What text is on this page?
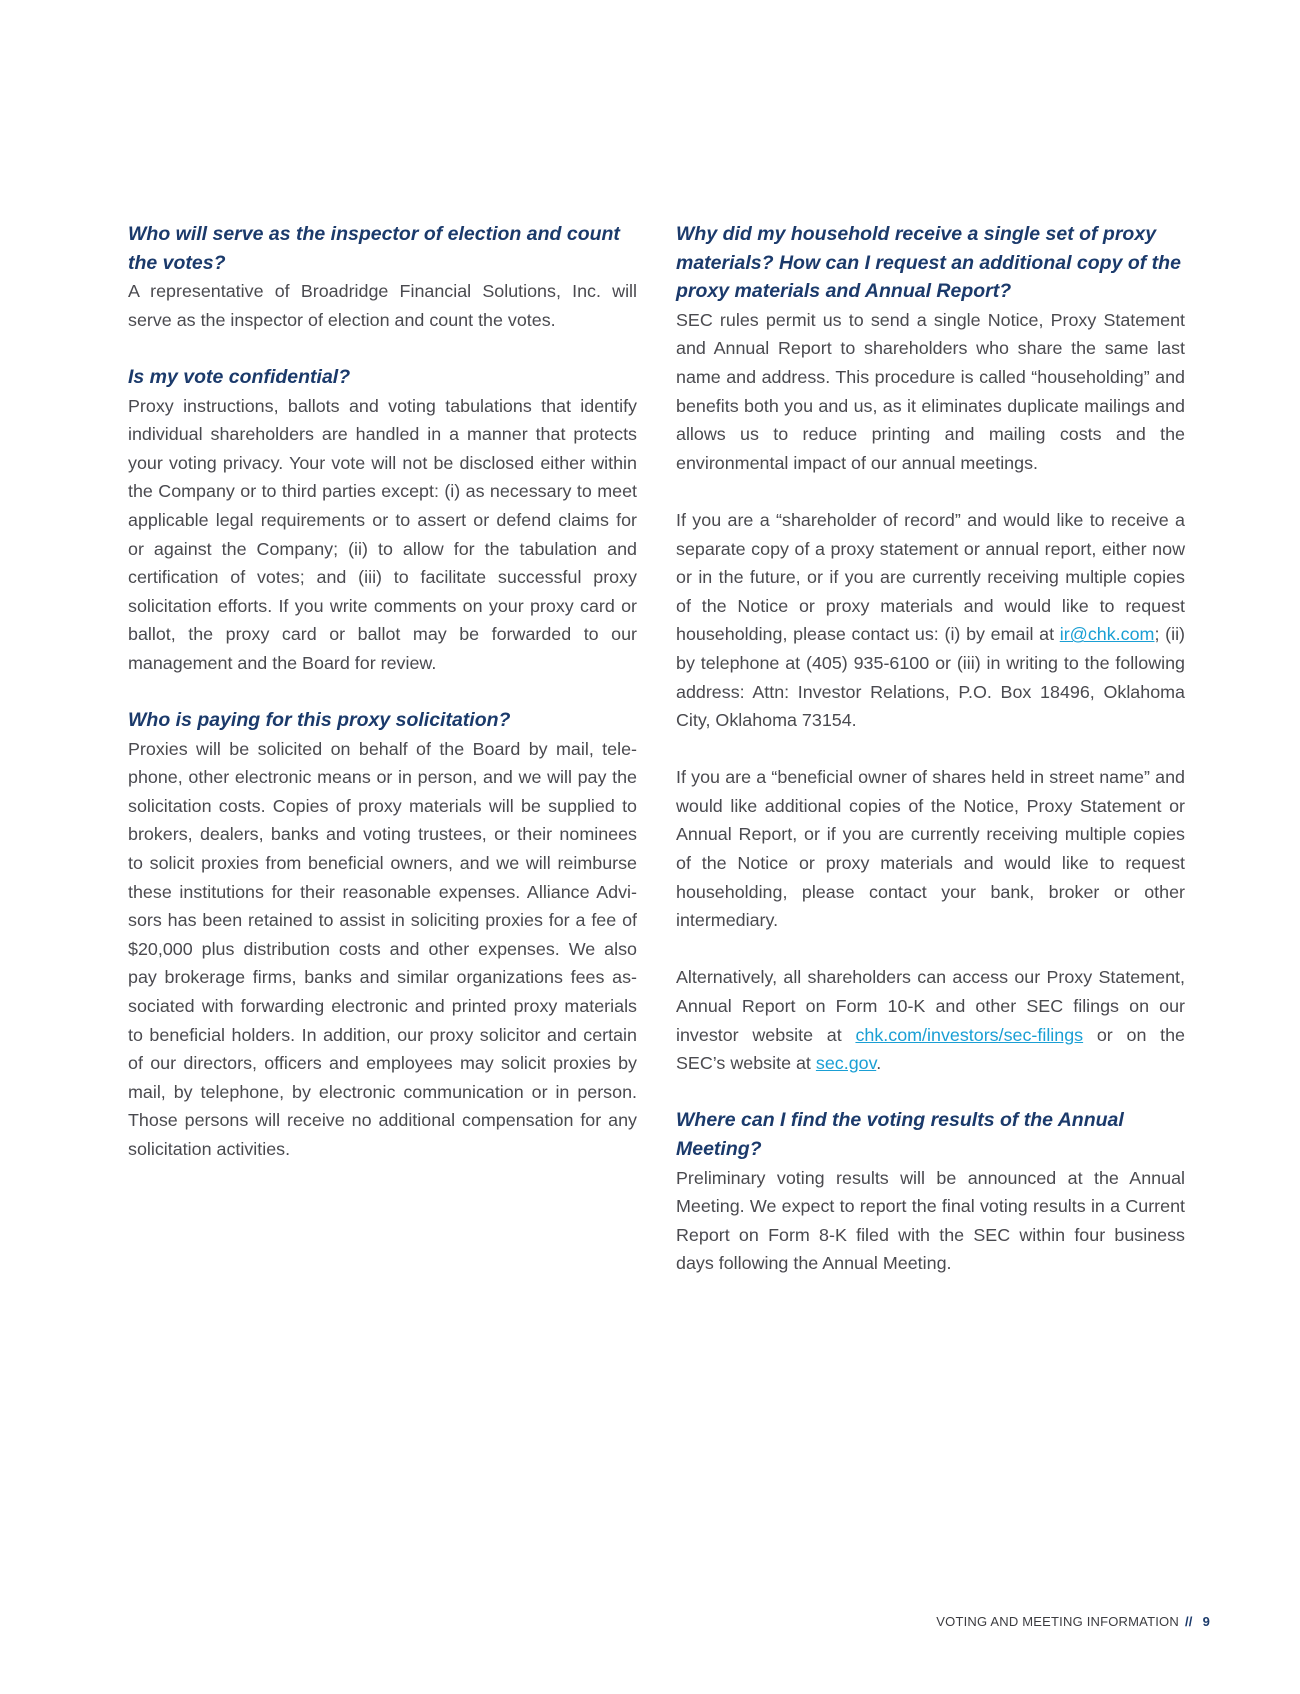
Who will serve as the inspector of election and count the votes?

A representative of Broadridge Financial Solutions, Inc. will serve as the inspector of election and count the votes.

Is my vote confidential?

Proxy instructions, ballots and voting tabulations that identify individual shareholders are handled in a manner that protects your voting privacy. Your vote will not be disclosed either within the Company or to third parties except: (i) as necessary to meet applicable legal requirements or to assert or defend claims for or against the Company; (ii) to allow for the tabulation and certification of votes; and (iii) to facilitate successful proxy solicitation efforts. If you write comments on your proxy card or ballot, the proxy card or ballot may be forwarded to our management and the Board for review.

Who is paying for this proxy solicitation?

Proxies will be solicited on behalf of the Board by mail, telephone, other electronic means or in person, and we will pay the solicitation costs. Copies of proxy materials will be supplied to brokers, dealers, banks and voting trustees, or their nominees to solicit proxies from beneficial owners, and we will reimburse these institutions for their reasonable expenses. Alliance Advisors has been retained to assist in soliciting proxies for a fee of $20,000 plus distribution costs and other expenses. We also pay brokerage firms, banks and similar organizations fees associated with forwarding electronic and printed proxy materials to beneficial holders. In addition, our proxy solicitor and certain of our directors, officers and employees may solicit proxies by mail, by telephone, by electronic communication or in person. Those persons will receive no additional compensation for any solicitation activities.

Why did my household receive a single set of proxy materials? How can I request an additional copy of the proxy materials and Annual Report?

SEC rules permit us to send a single Notice, Proxy Statement and Annual Report to shareholders who share the same last name and address. This procedure is called “householding” and benefits both you and us, as it eliminates duplicate mailings and allows us to reduce printing and mailing costs and the environmental impact of our annual meetings.

If you are a “shareholder of record” and would like to receive a separate copy of a proxy statement or annual report, either now or in the future, or if you are currently receiving multiple copies of the Notice or proxy materials and would like to request householding, please contact us: (i) by email at ir@chk.com; (ii) by telephone at (405) 935-6100 or (iii) in writing to the following address: Attn: Investor Relations, P.O. Box 18496, Oklahoma City, Oklahoma 73154.

If you are a “beneficial owner of shares held in street name” and would like additional copies of the Notice, Proxy Statement or Annual Report, or if you are currently receiving multiple copies of the Notice or proxy materials and would like to request householding, please contact your bank, broker or other intermediary.

Alternatively, all shareholders can access our Proxy Statement, Annual Report on Form 10-K and other SEC filings on our investor website at chk.com/investors/sec-filings or on the SEC’s website at sec.gov.

Where can I find the voting results of the Annual Meeting?

Preliminary voting results will be announced at the Annual Meeting. We expect to report the final voting results in a Current Report on Form 8-K filed with the SEC within four business days following the Annual Meeting.

VOTING AND MEETING INFORMATION // 9
